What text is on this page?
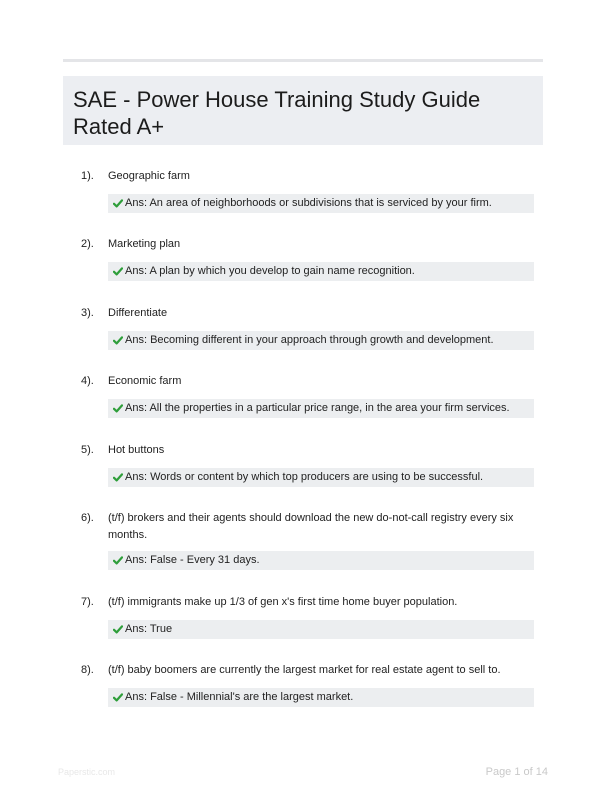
SAE - Power House Training Study Guide Rated A+
1). Geographic farm
Ans: An area of neighborhoods or subdivisions that is serviced by your firm.
2). Marketing plan
Ans: A plan by which you develop to gain name recognition.
3). Differentiate
Ans: Becoming different in your approach through growth and development.
4). Economic farm
Ans: All the properties in a particular price range, in the area your firm services.
5). Hot buttons
Ans: Words or content by which top producers are using to be successful.
6). (t/f) brokers and their agents should download the new do-not-call registry every six months.
Ans: False - Every 31 days.
7). (t/f) immigrants make up 1/3 of gen x's first time home buyer population.
Ans: True
8). (t/f) baby boomers are currently the largest market for real estate agent to sell to.
Ans: False - Millennial's are the largest market.
Paperstic.com	Page 1 of 14
